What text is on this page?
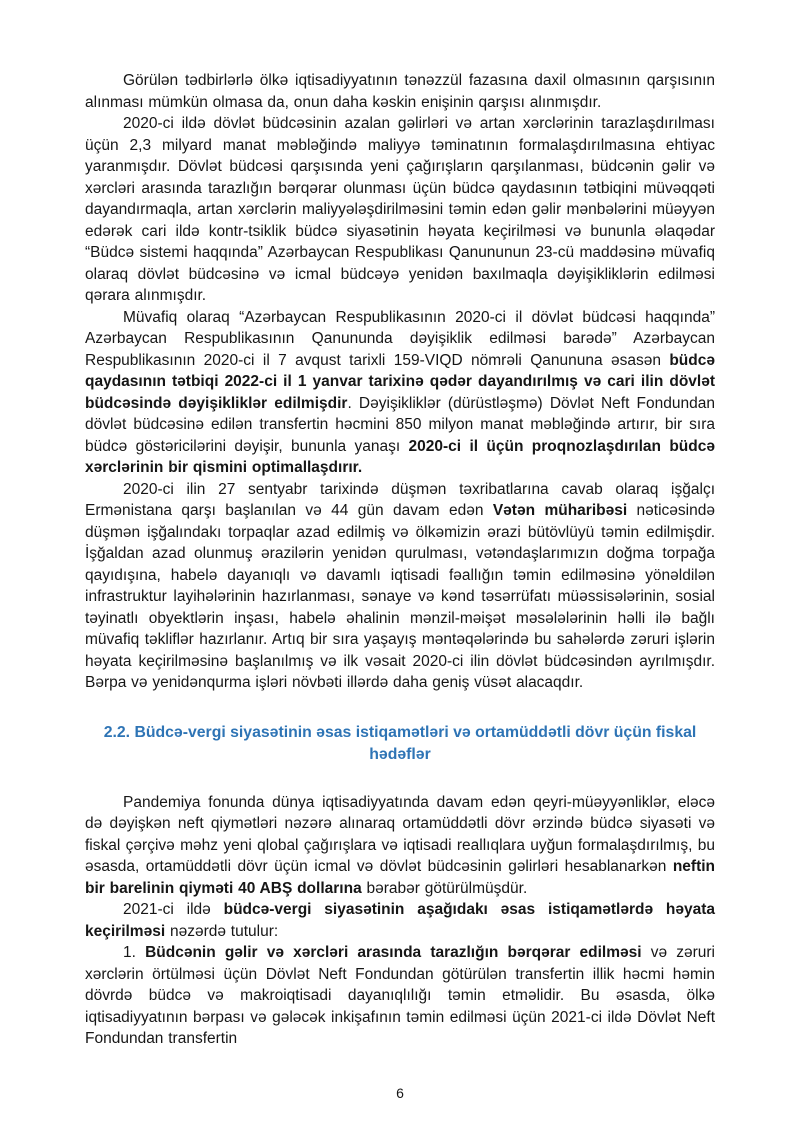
Görülən tədbirlərlə ölkə iqtisadiyyatının tənəzzül fazasına daxil olmasının qarşısının alınması mümkün olmasa da, onun daha kəskin enişinin qarşısı alınmışdır.

2020-ci ildə dövlət büdcəsinin azalan gəlirləri və artan xərclərinin tarazlaşdırılması üçün 2,3 milyard manat məbləğində maliyyə təminatının formalaşdırılmasına ehtiyac yaranmışdır. Dövlət büdcəsi qarşısında yeni çağırışların qarşılanması, büdcənin gəlir və xərcləri arasında tarazlığın bərqərar olunması üçün büdcə qaydasının tətbiqini müvəqqəti dayandırmaqla, artan xərclərin maliyyələşdirilməsini təmin edən gəlir mənbələrini müəyyən edərək cari ildə kontr-tsiklik büdcə siyasətinin həyata keçirilməsi və bununla əlaqədar “Büdcə sistemi haqqında” Azərbaycan Respublikası Qanununun 23-cü maddəsinə müvafiq olaraq dövlət büdcəsinə və icmal büdcəyə yenidən baxılmaqla dəyişikliklərin edilməsi qərara alınmışdır.

Müvafiq olaraq “Azərbaycan Respublikasının 2020-ci il dövlət büdcəsi haqqında” Azərbaycan Respublikasının Qanununda dəyişiklik edilməsi barədə” Azərbaycan Respublikasının 2020-ci il 7 avqust tarixli 159-VIQD nömrəli Qanununa əsasən büdcə qaydasının tətbiqi 2022-ci il 1 yanvar tarixinə qədər dayandırılmış və cari ilin dövlət büdcəsində dəyişikliklər edilmişdir. Dəyişikliklər (dürüstləşmə) Dövlət Neft Fondundan dövlət büdcəsinə edilən transfertin həcmini 850 milyon manat məbləğində artırır, bir sıra büdcə göstəricilərini dəyişir, bununla yanaşı 2020-ci il üçün proqnozlaşdırılan büdcə xərclərinin bir qismini optimallaşdırır.

2020-ci ilin 27 sentyabr tarixində düşmən təxribatlarına cavab olaraq işğalçı Ermənistana qarşı başlanılan və 44 gün davam edən Vətən müharibəsi nəticəsində düşmən işğalındakı torpaqlar azad edilmiş və ölkəmizin ərazi bütövlüyü təmin edilmişdir. İşğaldan azad olunmuş ərazilərin yenidən qurulması, vətəndaşlarımızın doğma torpağa qayıdışına, habelə dayanıqlı və davamlı iqtisadi fəallığın təmin edilməsinə yönəldilən infrastruktur layihələrinin hazırlanması, sənaye və kənd təsərrüfatı müəssisələrinin, sosial təyinatlı obyektlərin inşası, habelə əhalinin mənzil-məişət məsələlərinin həlli ilə bağlı müvafiq təkliflər hazırlanır. Artıq bir sıra yaşayış məntəqələrində bu sahələrdə zəruri işlərin həyata keçirilməsinə başlanılmış və ilk vəsait 2020-ci ilin dövlət büdcəsindən ayrılmışdır. Bərpa və yenidənqurma işləri növbəti illərdə daha geniş vüsət alacaqdır.

2.2. Büdcə-vergi siyasətinin əsas istiqamətləri və ortamüddətli dövr üçün fiskal hədəflər

Pandemiya fonunda dünya iqtisadiyyatında davam edən qeyri-müəyyənliklər, eləcə də dəyişkən neft qiymətləri nəzərə alınaraq ortamüddətli dövr ərzində büdcə siyasəti və fiskal çərçivə məhz yeni qlobal çağırışlara və iqtisadi reallıqlara uyğun formalaşdırılmış, bu əsasda, ortamüddətli dövr üçün icmal və dövlət büdcəsinin gəlirləri hesablanarkən neftin bir barelinin qiyməti 40 ABŞ dollarına bərabər götürülmüşdür.

2021-ci ildə büdcə-vergi siyasətinin aşağıdakı əsas istiqamətlərdə həyata keçirilməsi nəzərdə tutulur:

1. Büdcənin gəlir və xərcləri arasında tarazlığın bərqərar edilməsi və zəruri xərclərin örtülməsi üçün Dövlət Neft Fondundan götürülən transfertin illik həcmi həmin dövrdə büdcə və makroiqtisadi dayanıqlılığı təmin etməlidir. Bu əsasda, ölkə iqtisadiyyatının bərpası və gələcək inkişafının təmin edilməsi üçün 2021-ci ildə Dövlət Neft Fondundan transfertin

6
